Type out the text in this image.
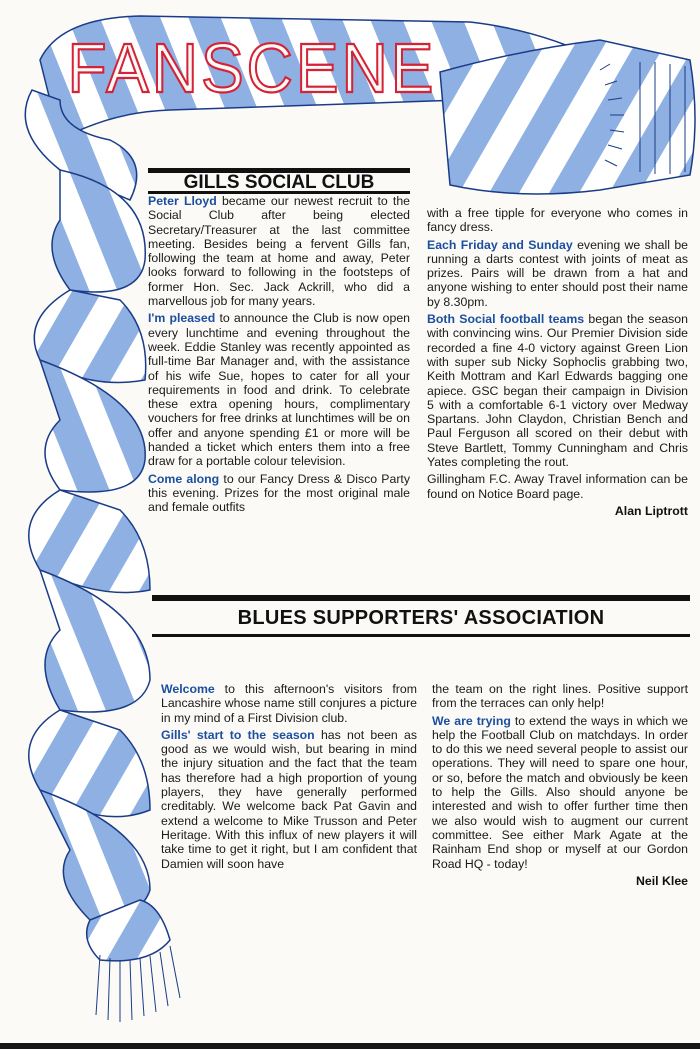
FANSCENE
GILLS SOCIAL CLUB

Peter Lloyd became our newest recruit to the Social Club after being elected Secretary/Treasurer at the last committee meeting. Besides being a fervent Gills fan, following the team at home and away, Peter looks forward to following in the footsteps of former Hon. Sec. Jack Ackrill, who did a marvellous job for many years.

I'm pleased to announce the Club is now open every lunchtime and evening throughout the week. Eddie Stanley was recently appointed as full-time Bar Manager and, with the assistance of his wife Sue, hopes to cater for all your requirements in food and drink. To celebrate these extra opening hours, complimentary vouchers for free drinks at lunchtimes will be on offer and anyone spending £1 or more will be handed a ticket which enters them into a free draw for a portable colour television.

Come along to our Fancy Dress & Disco Party this evening. Prizes for the most original male and female outfits

with a free tipple for everyone who comes in fancy dress.

Each Friday and Sunday evening we shall be running a darts contest with joints of meat as prizes. Pairs will be drawn from a hat and anyone wishing to enter should post their name by 8.30pm.

Both Social football teams began the season with convincing wins. Our Premier Division side recorded a fine 4-0 victory against Green Lion with super sub Nicky Sophoclis grabbing two, Keith Mottram and Karl Edwards bagging one apiece. GSC began their campaign in Division 5 with a comfortable 6-1 victory over Medway Spartans. John Claydon, Christian Bench and Paul Ferguson all scored on their debut with Steve Bartlett, Tommy Cunningham and Chris Yates completing the rout.

Gillingham F.C. Away Travel information can be found on Notice Board page.

Alan Liptrott
BLUES SUPPORTERS' ASSOCIATION

Welcome to this afternoon's visitors from Lancashire whose name still conjures a picture in my mind of a First Division club.

Gills' start to the season has not been as good as we would wish, but bearing in mind the injury situation and the fact that the team has therefore had a high proportion of young players, they have generally performed creditably. We welcome back Pat Gavin and extend a welcome to Mike Trusson and Peter Heritage. With this influx of new players it will take time to get it right, but I am confident that Damien will soon have

the team on the right lines. Positive support from the terraces can only help!

We are trying to extend the ways in which we help the Football Club on matchdays. In order to do this we need several people to assist our operations. They will need to spare one hour, or so, before the match and obviously be keen to help the Gills. Also should anyone be interested and wish to offer further time then we also would wish to augment our current committee. See either Mark Agate at the Rainham End shop or myself at our Gordon Road HQ - today!

Neil Klee
